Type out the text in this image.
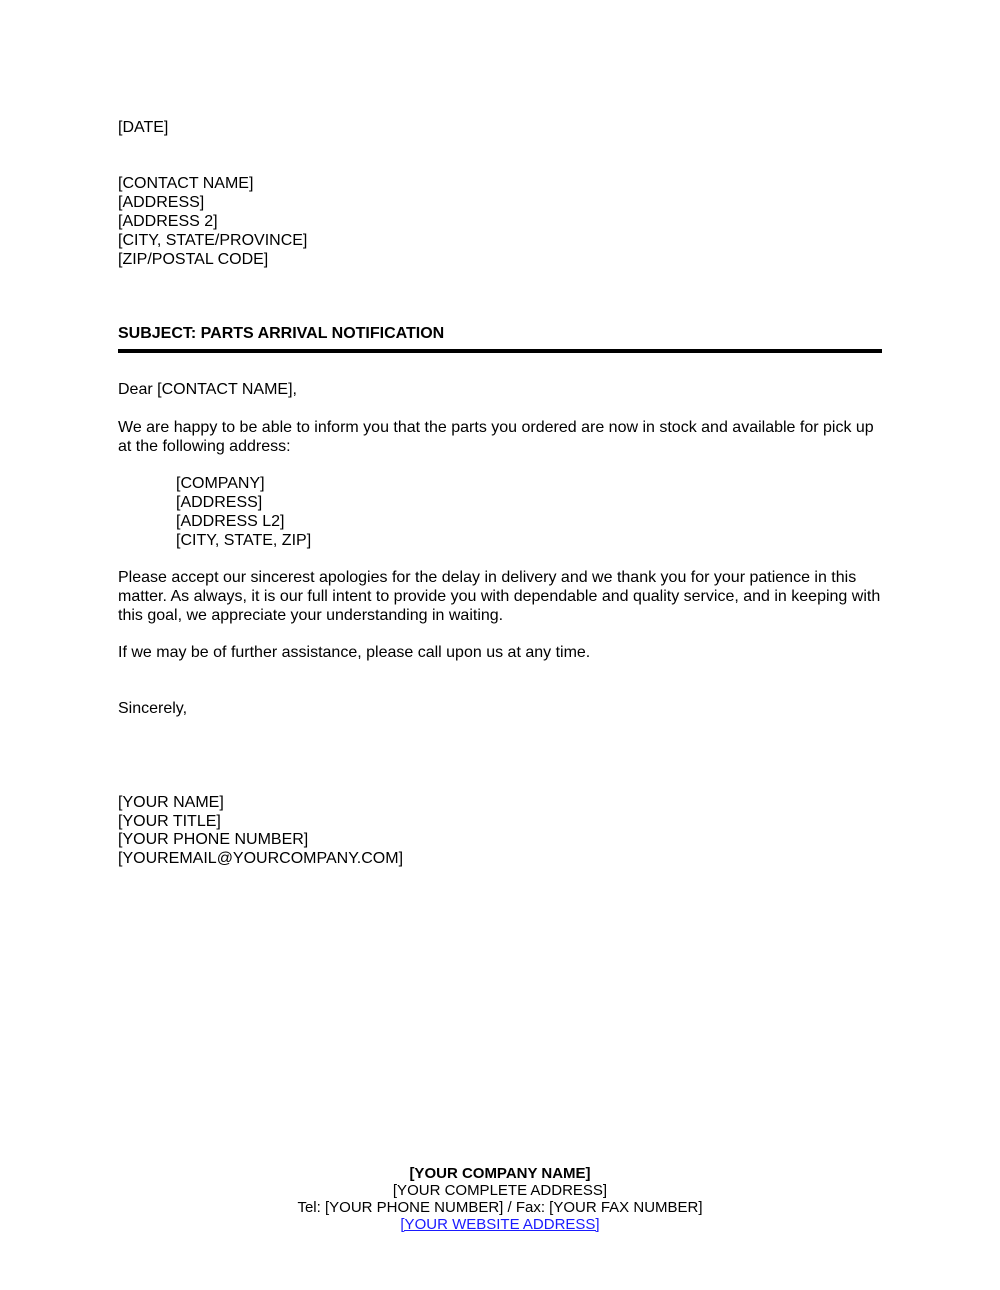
[DATE]
[CONTACT NAME]
[ADDRESS]
[ADDRESS 2]
[CITY, STATE/PROVINCE]
[ZIP/POSTAL CODE]
SUBJECT: PARTS ARRIVAL NOTIFICATION
Dear [CONTACT NAME],

We are happy to be able to inform you that the parts you ordered are now in stock and available for pick up at the following address:

[COMPANY]
[ADDRESS]
[ADDRESS L2]
[CITY, STATE, ZIP]

Please accept our sincerest apologies for the delay in delivery and we thank you for your patience in this matter. As always, it is our full intent to provide you with dependable and quality service, and in keeping with this goal, we appreciate your understanding in waiting.

If we may be of further assistance, please call upon us at any time.

Sincerely,
[YOUR NAME]
[YOUR TITLE]
[YOUR PHONE NUMBER]
[YOUREMAIL@YOURCOMPANY.COM]
[YOUR COMPANY NAME]
[YOUR COMPLETE ADDRESS]
Tel: [YOUR PHONE NUMBER] / Fax: [YOUR FAX NUMBER]
[YOUR WEBSITE ADDRESS]
